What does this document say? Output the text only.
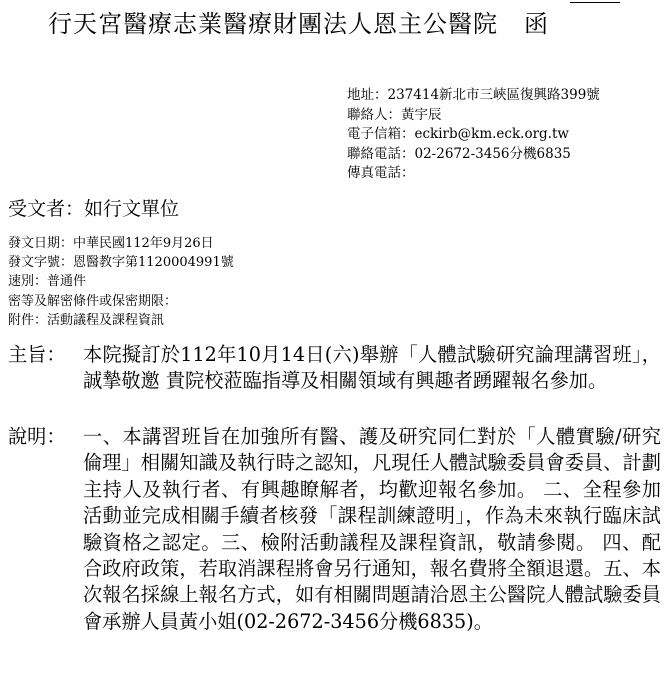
行天宮醫療志業醫療財團法人恩主公醫院 函
地址：237414新北市三峽區復興路399號
聯絡人：黃宇辰
電子信箱：eckirb@km.eck.org.tw
聯絡電話：02-2672-3456分機6835
傳真電話：
受文者：如行文單位
發文日期：中華民國112年9月26日
發文字號：恩醫教字第1120004991號
速別：普通件
密等及解密條件或保密期限：
附件：活動議程及課程資訊
主旨： 本院擬訂於112年10月14日(六)舉辦「人體試驗研究論理講習班」，誠摯敬邀 貴院校蒞臨指導及相關領域有興趣者踴躍報名參加。
說明： 一、本講習班旨在加強所有醫、護及研究同仁對於「人體實驗/研究倫理」相關知識及執行時之認知，凡現任人體試驗委員會委員、計劃主持人及執行者、有興趣瞭解者，均歡迎報名參加。 二、全程參加活動並完成相關手續者核發「課程訓練證明」，作為未來執行臨床試驗資格之認定。三、檢附活動議程及課程資訊，敬請參閱。 四、配合政府政策，若取消課程將會另行通知，報名費將全額退還。五、本次報名採線上報名方式，如有相關問題請洽恩主公醫院人體試驗委員會承辦人員黃小姐(02-2672-3456分機6835)。
